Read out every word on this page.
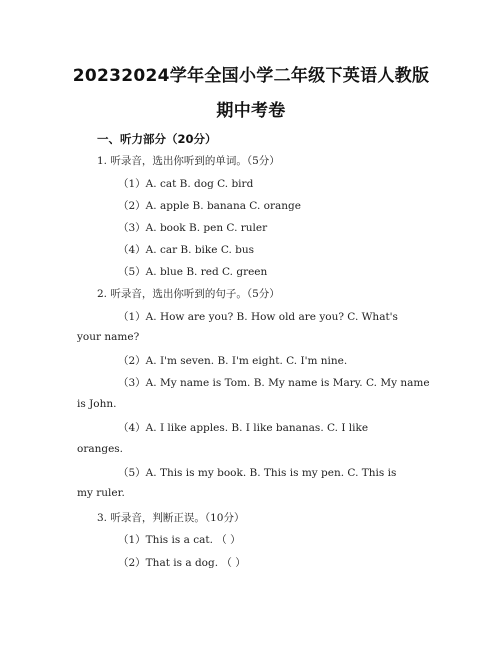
20232024学年全国小学二年级下英语人教版
期中考卷
一、听力部分（20分）
1. 听录音，选出你听到的单词。（5分）
（1）A. cat B. dog C. bird
（2）A. apple B. banana C. orange
（3）A. book B. pen C. ruler
（4）A. car B. bike C. bus
（5）A. blue B. red C. green
2. 听录音，选出你听到的句子。（5分）
（1）A. How are you? B. How old are you? C. What's
your name?
（2）A. I'm seven. B. I'm eight. C. I'm nine.
（3）A. My name is Tom. B. My name is Mary. C. My name
is John.
（4）A. I like apples. B. I like bananas. C. I like
oranges.
（5）A. This is my book. B. This is my pen. C. This is
my ruler.
3. 听录音，判断正误。（10分）
（1）This is a cat. （ ）
（2）That is a dog. （ ）
